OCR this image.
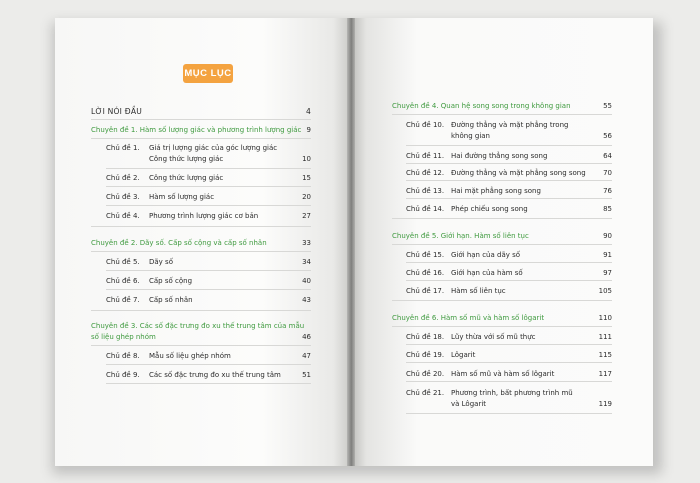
MỤC LỤC
LỜI NÓI ĐẦU	4
Chuyên đề 1. Hàm số lượng giác và phương trình lượng giác 9
Chủ đề 1. Giá trị lượng giác của góc lượng giác
Công thức lượng giác	10
Chủ đề 2. Công thức lượng giác	15
Chủ đề 3. Hàm số lượng giác	20
Chủ đề 4. Phương trình lượng giác cơ bản	27
Chuyên đề 2. Dãy số. Cấp số cộng và cấp số nhân	33
Chủ đề 5. Dãy số	34
Chủ đề 6. Cấp số cộng	40
Chủ đề 7. Cấp số nhân	43
Chuyên đề 3. Các số đặc trưng đo xu thế trung tâm của mẫu
số liệu ghép nhóm	46
Chủ đề 8. Mẫu số liệu ghép nhóm	47
Chủ đề 9. Các số đặc trưng đo xu thế trung tâm	51
Chuyên đề 4. Quan hệ song song trong không gian	55
Chủ đề 10. Đường thẳng và mặt phẳng trong
không gian	56
Chủ đề 11. Hai đường thẳng song song	64
Chủ đề 12. Đường thẳng và mặt phẳng song song	70
Chủ đề 13. Hai mặt phẳng song song	76
Chủ đề 14. Phép chiếu song song	85
Chuyên đề 5. Giới hạn. Hàm số liên tục	90
Chủ đề 15. Giới hạn của dãy số	91
Chủ đề 16. Giới hạn của hàm số	97
Chủ đề 17. Hàm số liên tục	105
Chuyên đề 6. Hàm số mũ và hàm số lôgarit	110
Chủ đề 18. Lũy thừa với số mũ thực	111
Chủ đề 19. Lôgarit	115
Chủ đề 20. Hàm số mũ và hàm số lôgarit	117
Chủ đề 21. Phương trình, bất phương trình mũ
và Lôgarit	119
